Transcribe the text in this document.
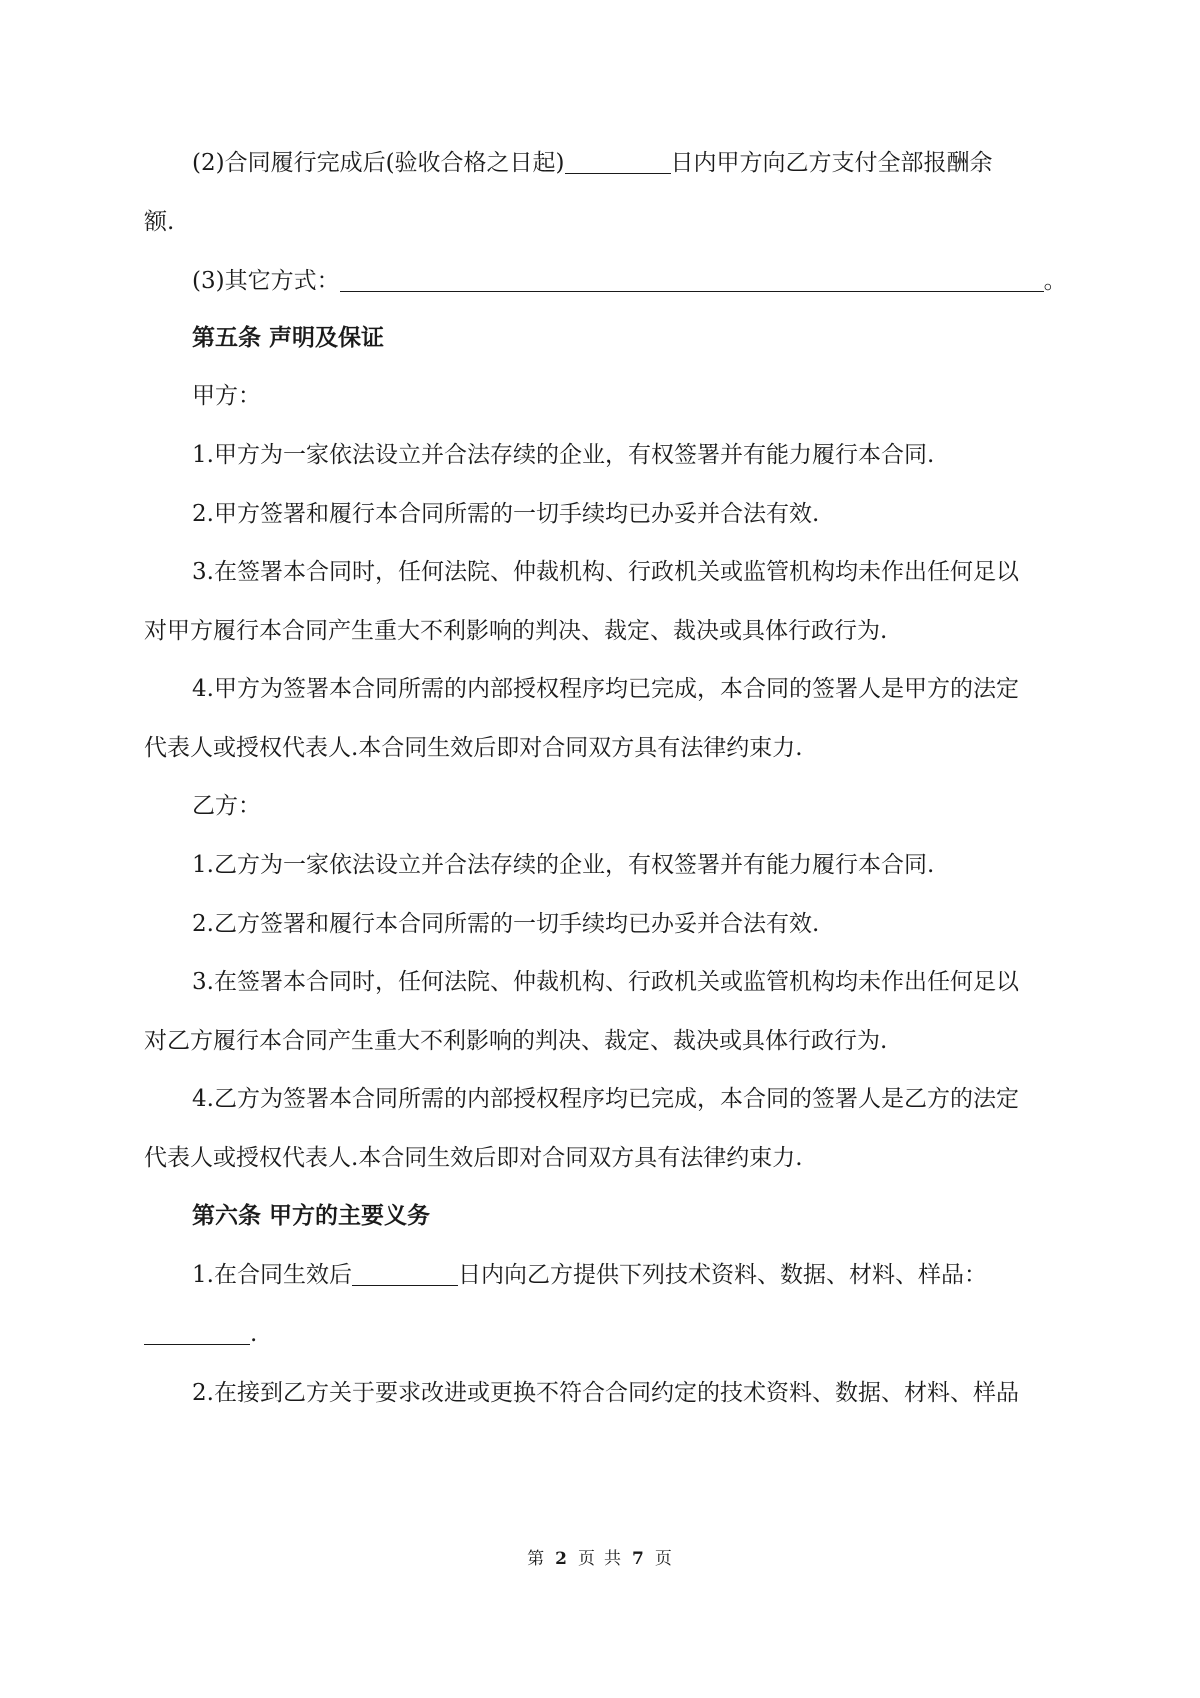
(2)合同履行完成后(验收合格之日起)	日内甲方向乙方支付全部报酬余
额.
(3)其它方式：	。
第五条 声明及保证
甲方：
1.甲方为一家依法设立并合法存续的企业，有权签署并有能力履行本合同.
2.甲方签署和履行本合同所需的一切手续均已办妥并合法有效.
3.在签署本合同时，任何法院、仲裁机构、行政机关或监管机构均未作出任何足以
对甲方履行本合同产生重大不利影响的判决、裁定、裁决或具体行政行为.
4.甲方为签署本合同所需的内部授权程序均已完成，本合同的签署人是甲方的法定
代表人或授权代表人.本合同生效后即对合同双方具有法律约束力.
乙方：
1.乙方为一家依法设立并合法存续的企业，有权签署并有能力履行本合同.
2.乙方签署和履行本合同所需的一切手续均已办妥并合法有效.
3.在签署本合同时，任何法院、仲裁机构、行政机关或监管机构均未作出任何足以
对乙方履行本合同产生重大不利影响的判决、裁定、裁决或具体行政行为.
4.乙方为签署本合同所需的内部授权程序均已完成，本合同的签署人是乙方的法定
代表人或授权代表人.本合同生效后即对合同双方具有法律约束力.
第六条 甲方的主要义务
1.在合同生效后	日内向乙方提供下列技术资料、数据、材料、样品：
.
2.在接到乙方关于要求改进或更换不符合合同约定的技术资料、数据、材料、样品
第 2 页 共 7 页
